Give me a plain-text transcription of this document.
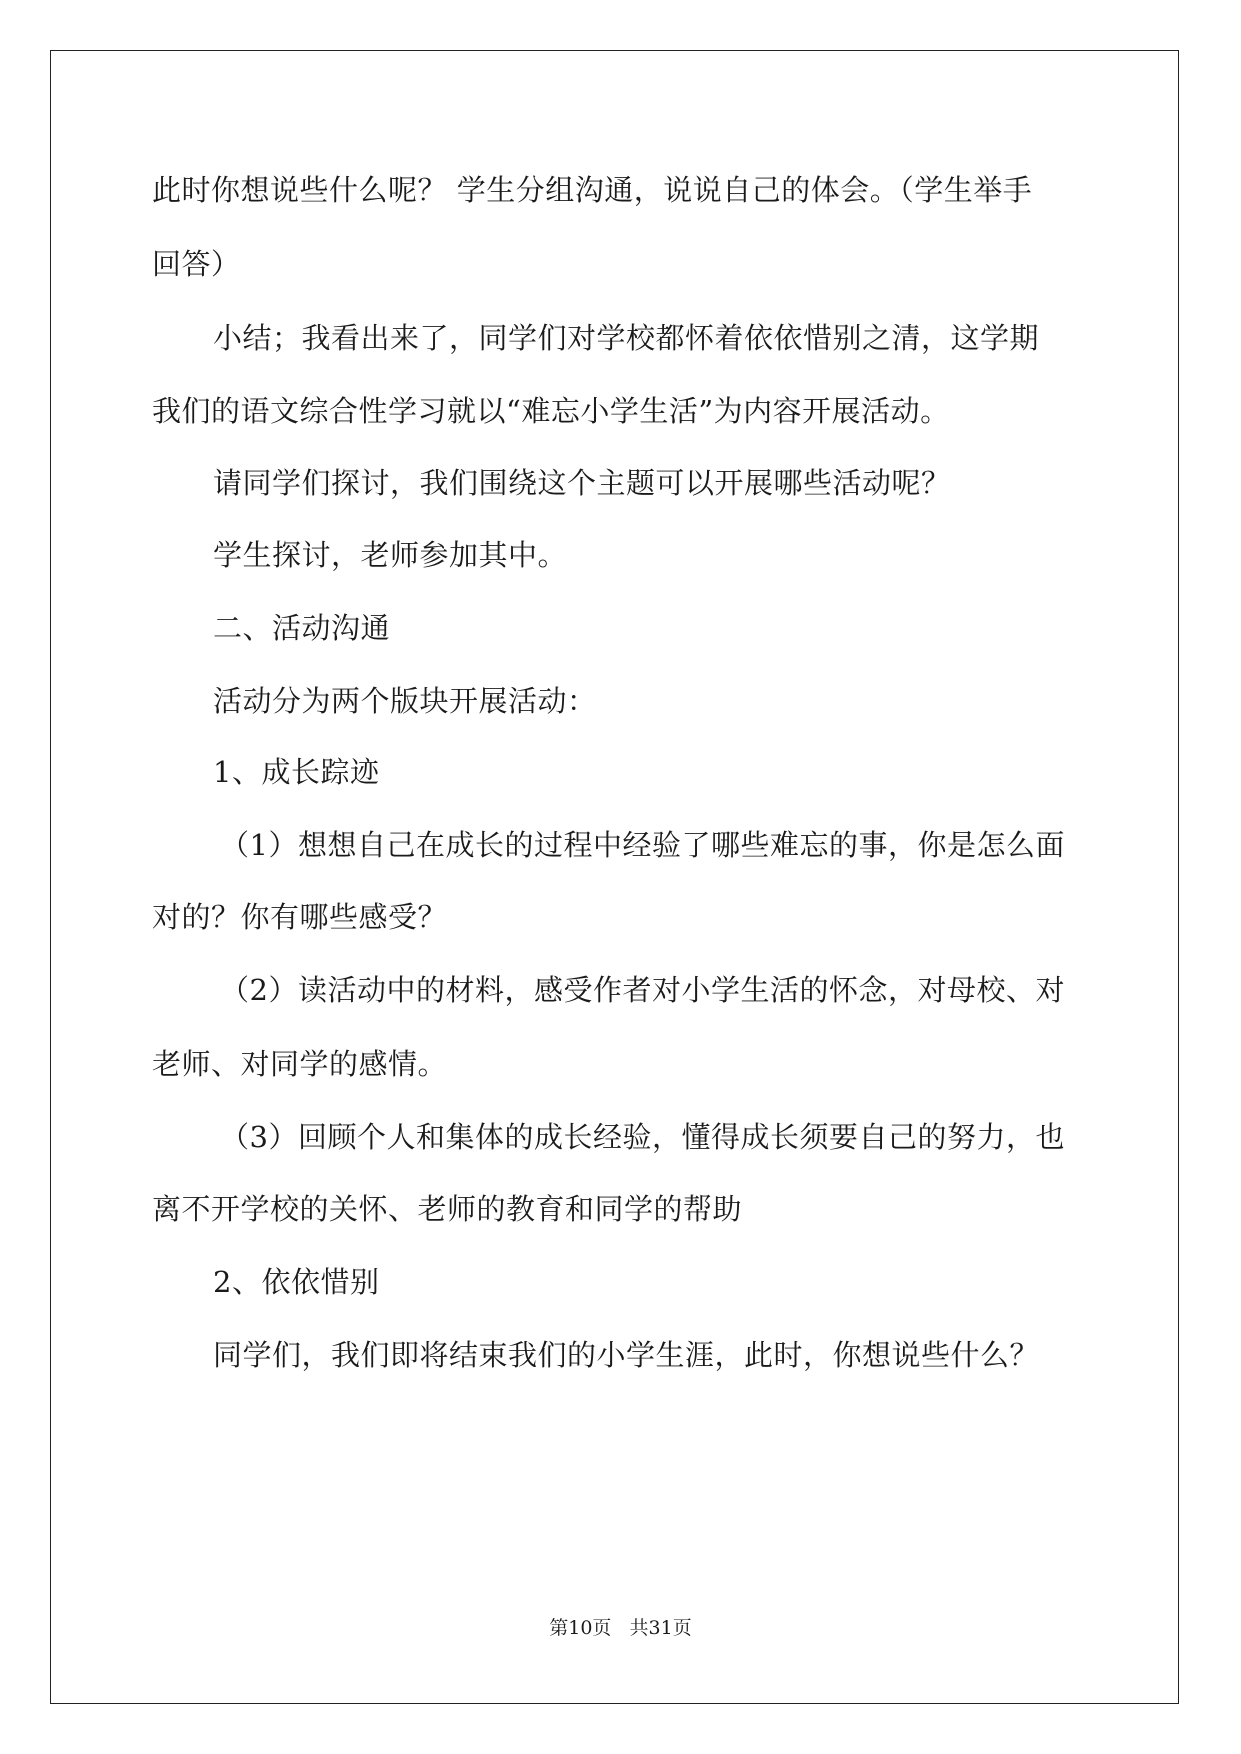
此时你想说些什么呢？ 学生分组沟通，说说自己的体会。（学生举手

回答）

小结；我看出来了，同学们对学校都怀着依依惜别之清，这学期

我们的语文综合性学习就以“难忘小学生活”为内容开展活动。

请同学们探讨，我们围绕这个主题可以开展哪些活动呢？

学生探讨，老师参加其中。

二、活动沟通

活动分为两个版块开展活动：

1、成长踪迹

（1）想想自己在成长的过程中经验了哪些难忘的事，你是怎么面

对的？你有哪些感受？

（2）读活动中的材料，感受作者对小学生活的怀念，对母校、对

老师、对同学的感情。

（3）回顾个人和集体的成长经验，懂得成长须要自己的努力，也

离不开学校的关怀、老师的教育和同学的帮助

2、依依惜别

同学们，我们即将结束我们的小学生涯，此时，你想说些什么？

第10页   共31页
